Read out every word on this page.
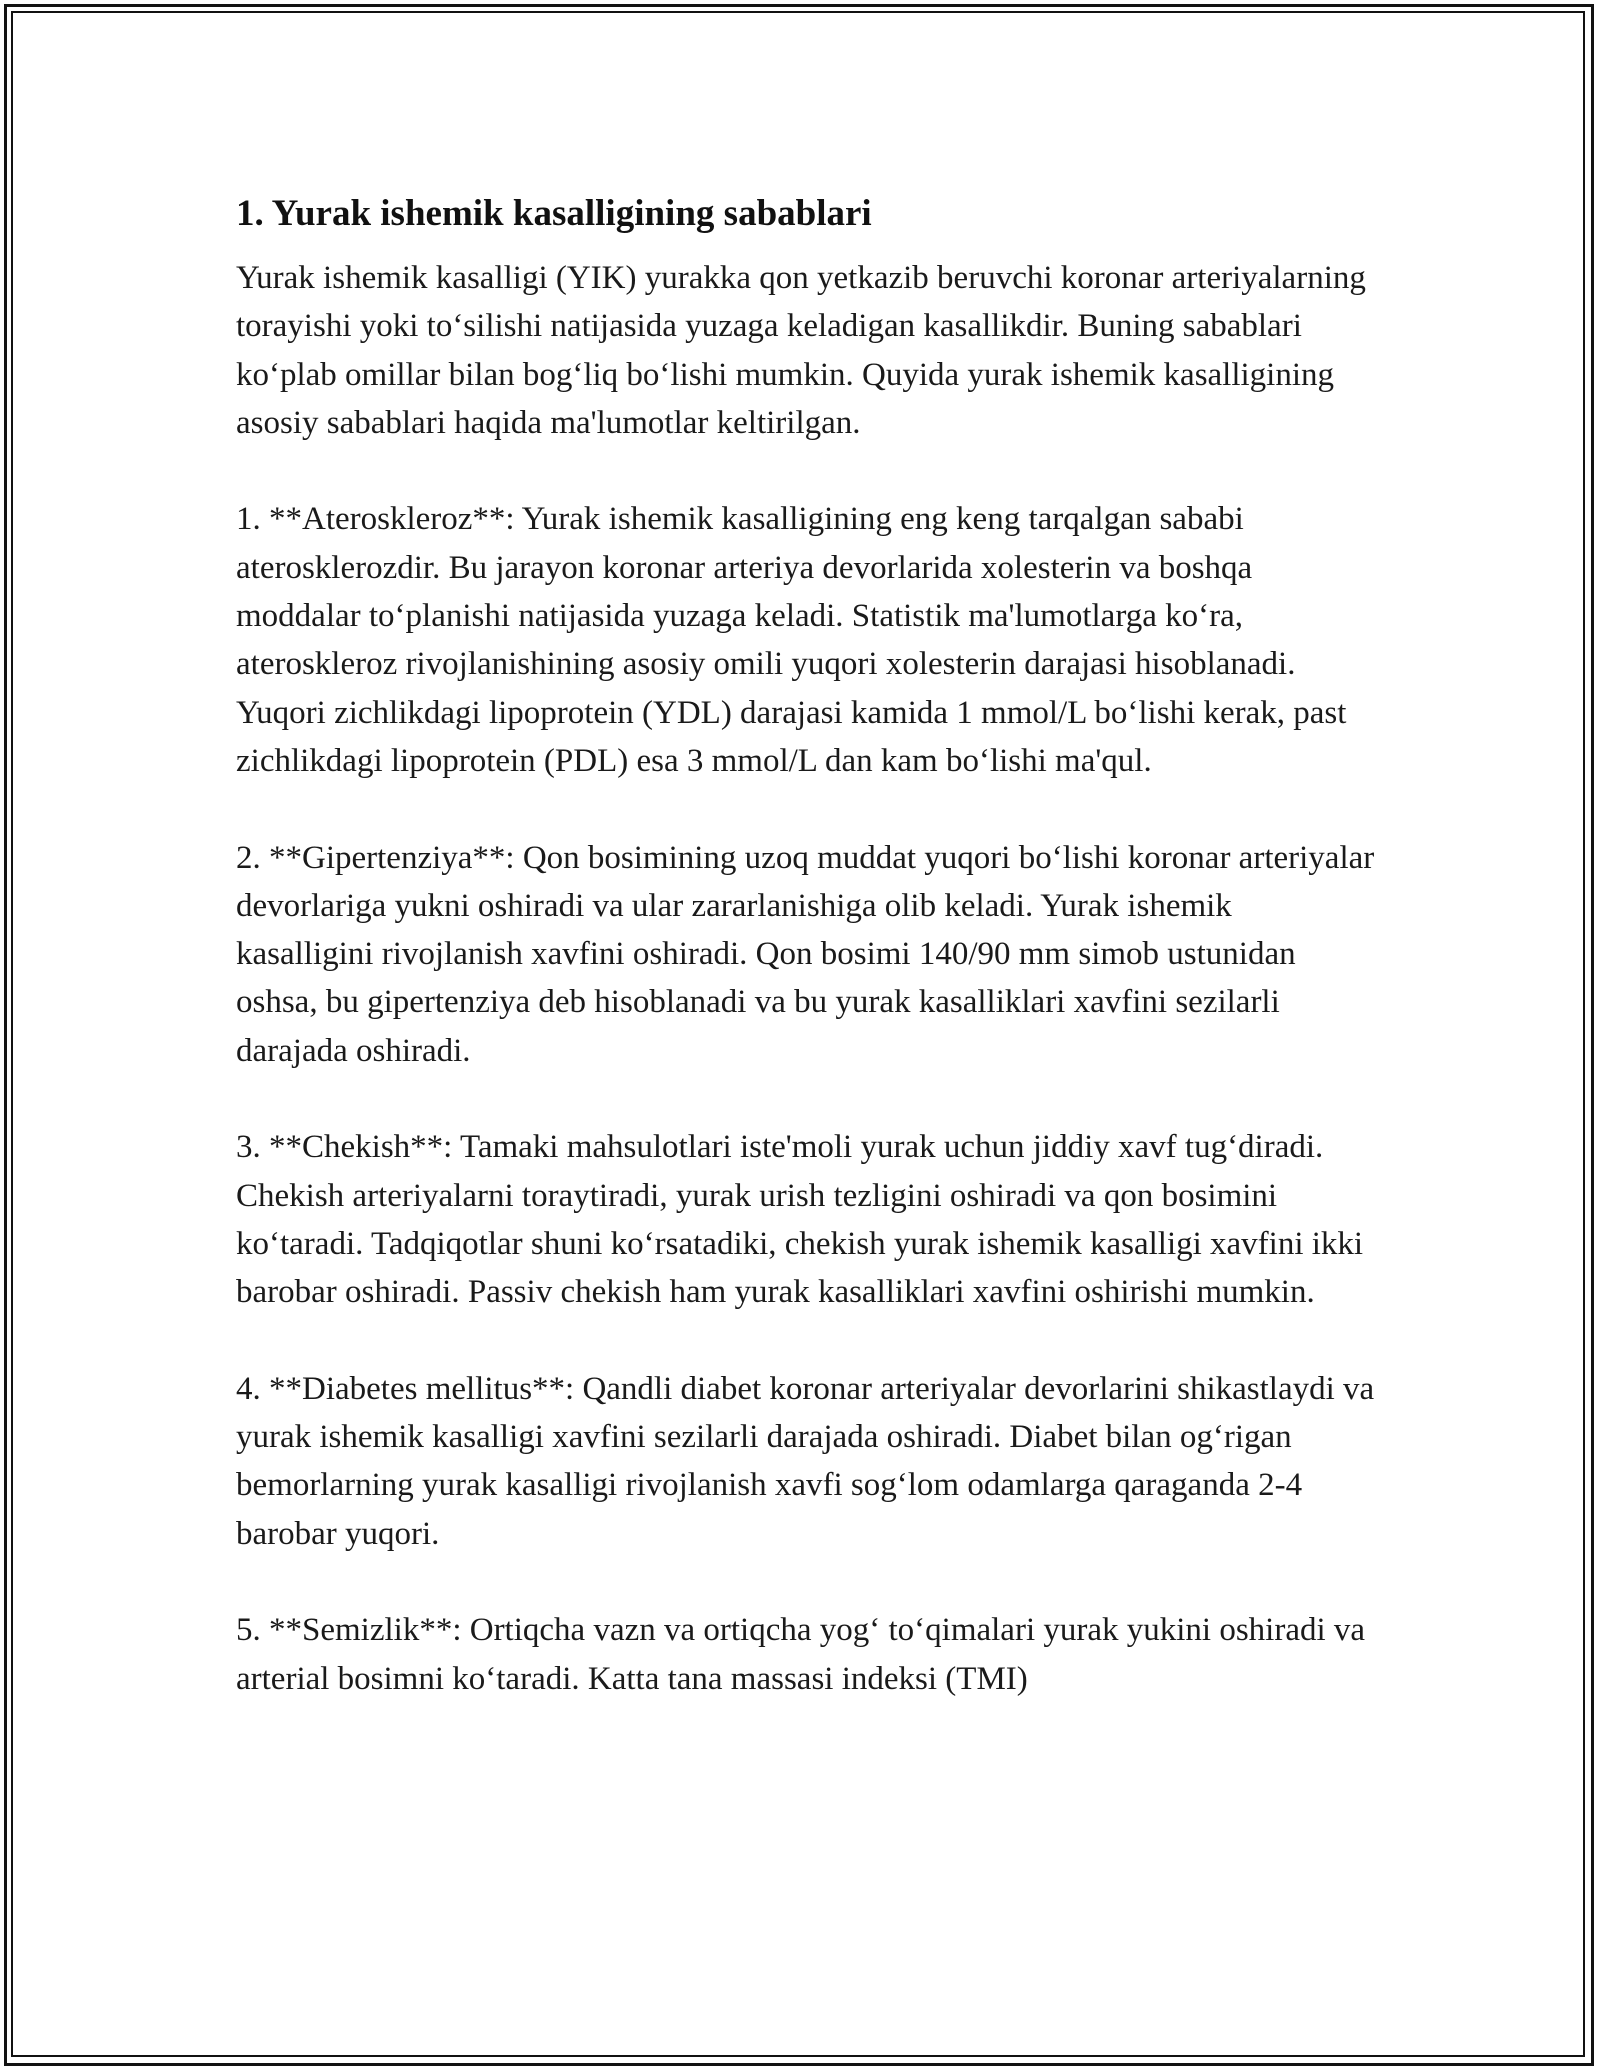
1. Yurak ishemik kasalligining sabablari

Yurak ishemik kasalligi (YIK) yurakka qon yetkazib beruvchi koronar arteriyalarning torayishi yoki to‘silishi natijasida yuzaga keladigan kasallikdir. Buning sabablari ko‘plab omillar bilan bog‘liq bo‘lishi mumkin. Quyida yurak ishemik kasalligining asosiy sabablari haqida ma'lumotlar keltirilgan.

1. **Ateroskleroz**: Yurak ishemik kasalligining eng keng tarqalgan sababi aterosklerozdir. Bu jarayon koronar arteriya devorlarida xolesterin va boshqa moddalar to‘planishi natijasida yuzaga keladi. Statistik ma'lumotlarga ko‘ra, ateroskleroz rivojlanishining asosiy omili yuqori xolesterin darajasi hisoblanadi. Yuqori zichlikdagi lipoprotein (YDL) darajasi kamida 1 mmol/L bo‘lishi kerak, past zichlikdagi lipoprotein (PDL) esa 3 mmol/L dan kam bo‘lishi ma'qul.

2. **Gipertenziya**: Qon bosimining uzoq muddat yuqori bo‘lishi koronar arteriyalar devorlariga yukni oshiradi va ular zararlanishiga olib keladi. Yurak ishemik kasalligini rivojlanish xavfini oshiradi. Qon bosimi 140/90 mm simob ustunidan oshsa, bu gipertenziya deb hisoblanadi va bu yurak kasalliklari xavfini sezilarli darajada oshiradi.

3. **Chekish**: Tamaki mahsulotlari iste'moli yurak uchun jiddiy xavf tug‘diradi. Chekish arteriyalarni toraytiradi, yurak urish tezligini oshiradi va qon bosimini ko‘taradi. Tadqiqotlar shuni ko‘rsatadiki, chekish yurak ishemik kasalligi xavfini ikki barobar oshiradi. Passiv chekish ham yurak kasalliklari xavfini oshirishi mumkin.

4. **Diabetes mellitus**: Qandli diabet koronar arteriyalar devorlarini shikastlaydi va yurak ishemik kasalligi xavfini sezilarli darajada oshiradi. Diabet bilan og‘rigan bemorlarning yurak kasalligi rivojlanish xavfi sog‘lom odamlarga qaraganda 2-4 barobar yuqori.

5. **Semizlik**: Ortiqcha vazn va ortiqcha yog‘ to‘qimalari yurak yukini oshiradi va arterial bosimni ko‘taradi. Katta tana massasi indeksi (TMI)
